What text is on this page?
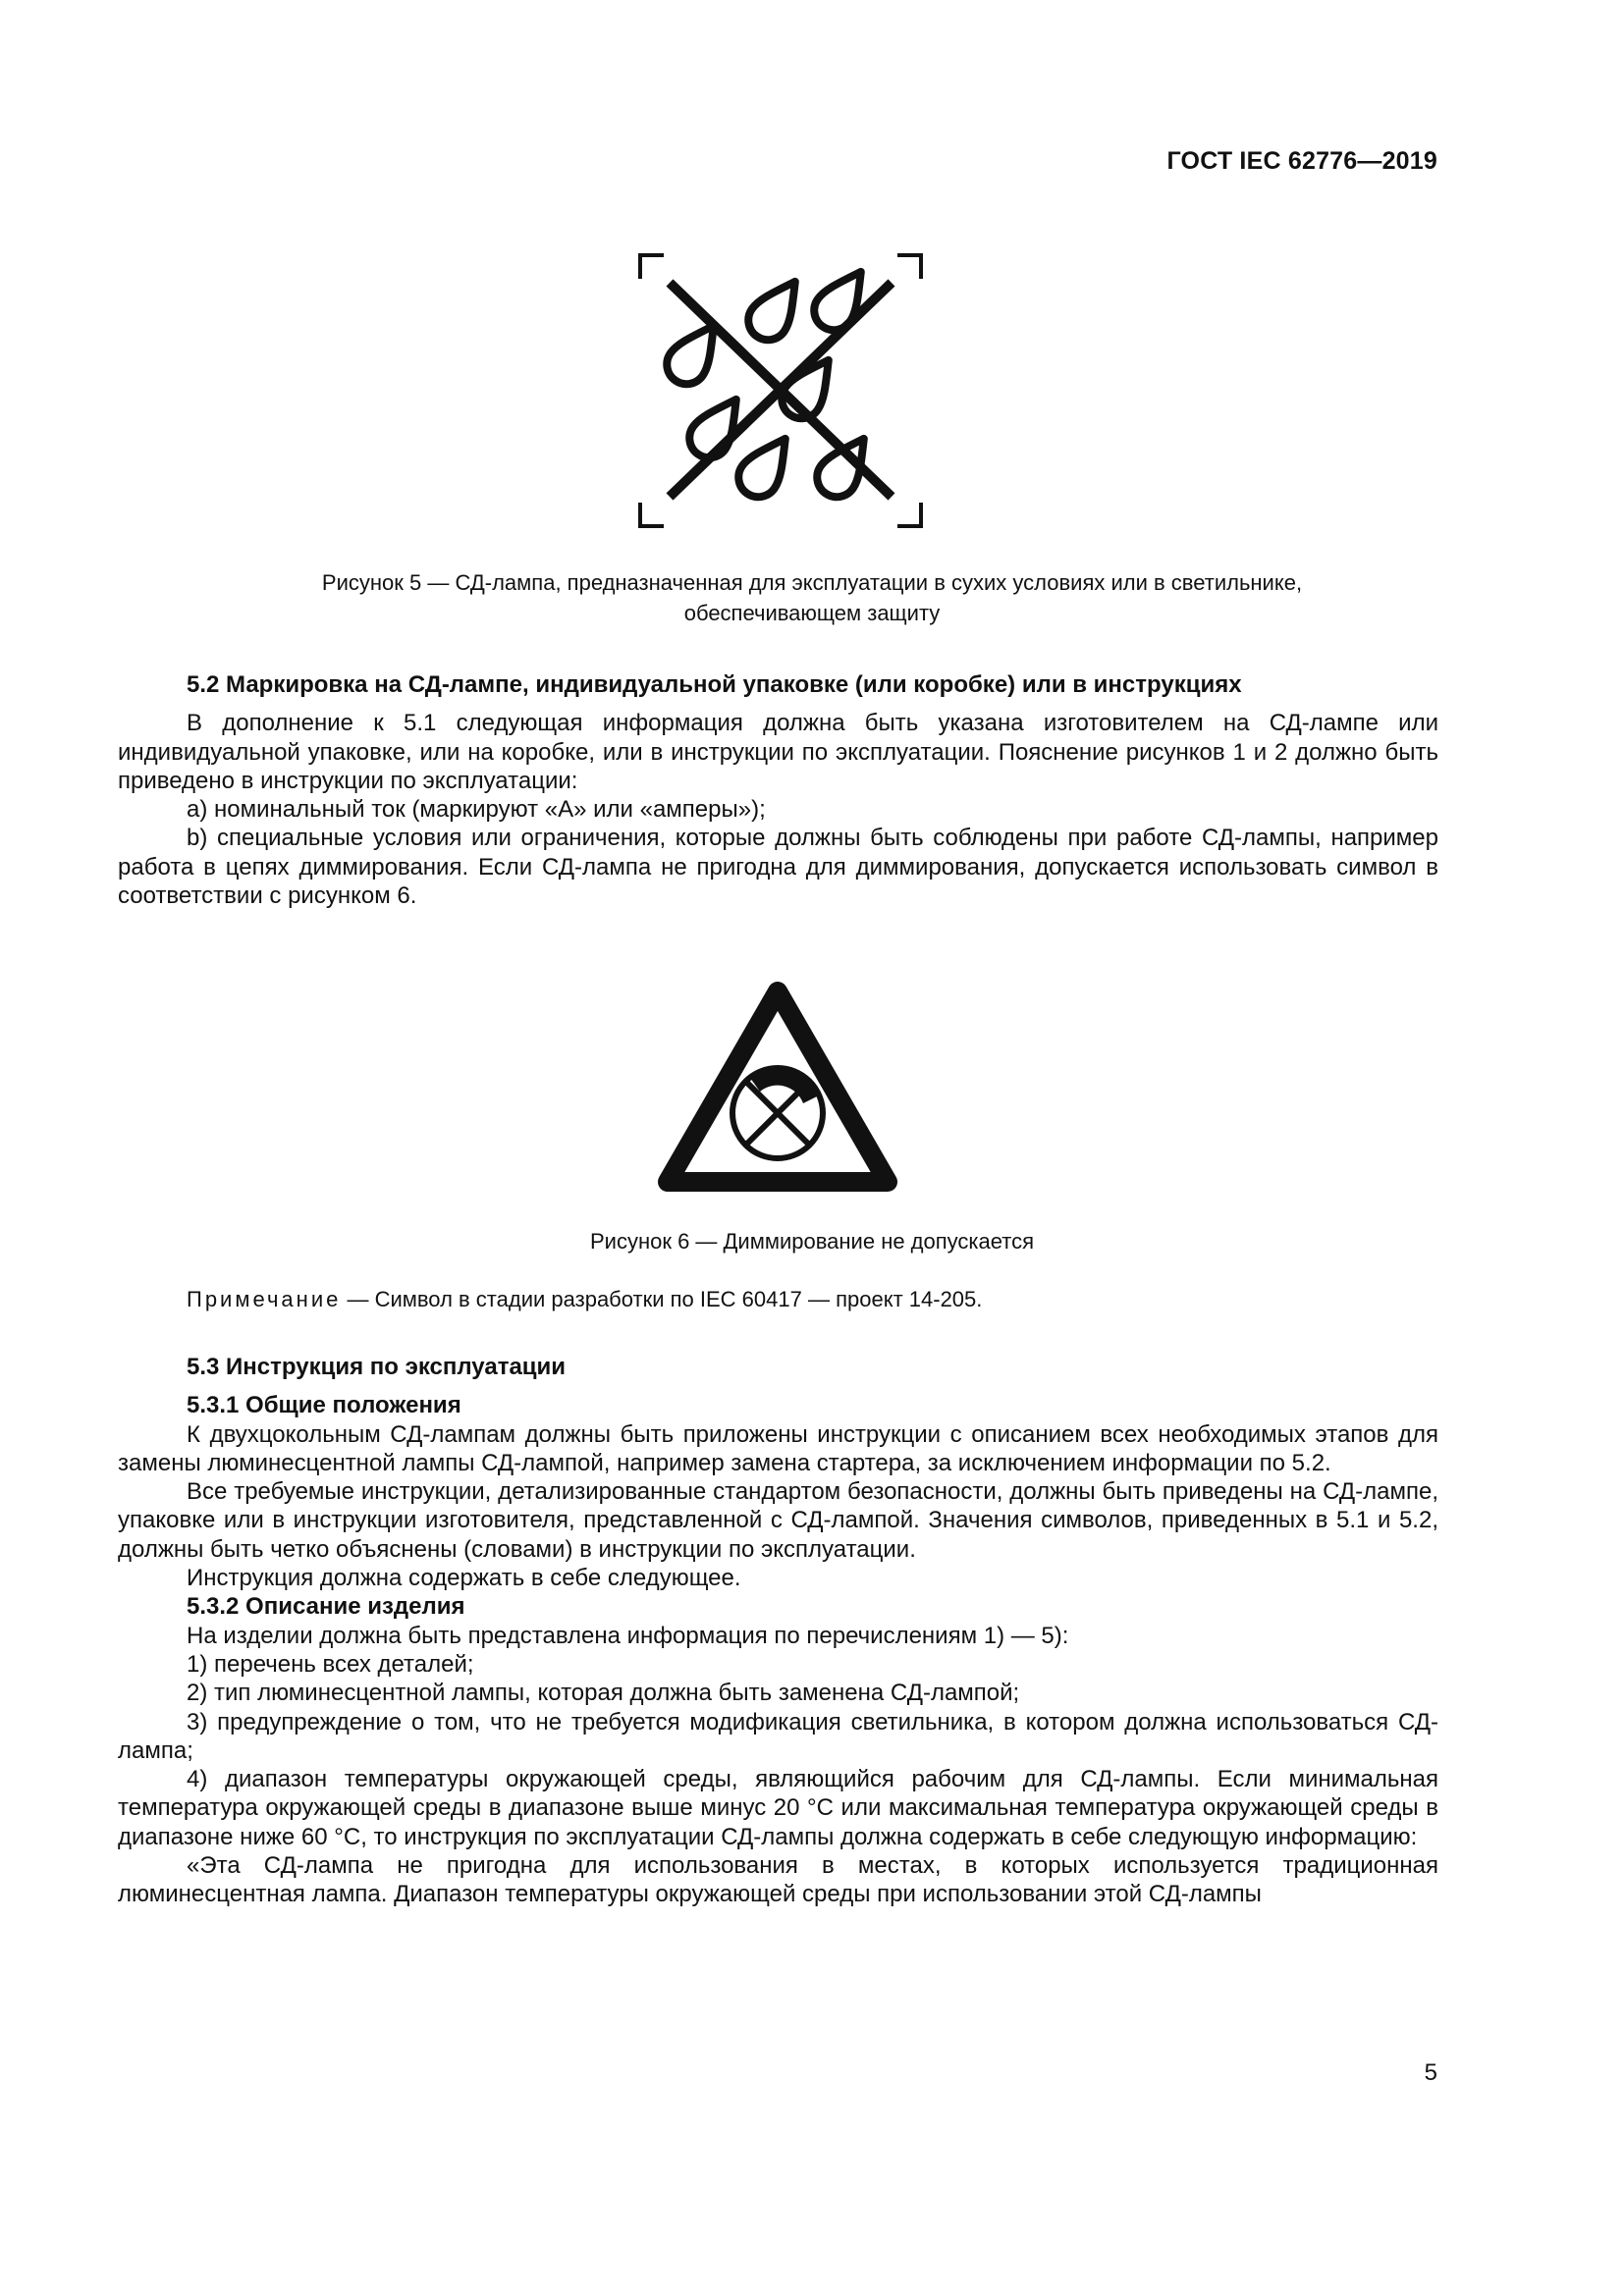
ГОСТ IEC 62776—2019
Рисунок 5 — СД-лампа, предназначенная для эксплуатации в сухих условиях или в светильнике,
обеспечивающем защиту

5.2 Маркировка на СД-лампе, индивидуальной упаковке (или коробке) или в инструкциях

В дополнение к 5.1 следующая информация должна быть указана изготовителем на СД-лампе или индивидуальной упаковке, или на коробке, или в инструкции по эксплуатации. Пояснение рисунков 1 и 2 должно быть приведено в инструкции по эксплуатации:

а) номинальный ток (маркируют «А» или «амперы»);

b) специальные условия или ограничения, которые должны быть соблюдены при работе СД-лампы, например работа в цепях диммирования. Если СД-лампа не пригодна для диммирования, допускается использовать символ в соответствии с рисунком 6.

Рисунок 6 — Диммирование не допускается

Примечание — Символ в стадии разработки по IEC 60417 — проект 14-205.

5.3 Инструкция по эксплуатации

5.3.1 Общие положения

К двухцокольным СД-лампам должны быть приложены инструкции с описанием всех необходимых этапов для замены люминесцентной лампы СД-лампой, например замена стартера, за исключением информации по 5.2.

Все требуемые инструкции, детализированные стандартом безопасности, должны быть приведены на СД-лампе, упаковке или в инструкции изготовителя, представленной с СД-лампой. Значения символов, приведенных в 5.1 и 5.2, должны быть четко объяснены (словами) в инструкции по эксплуатации.

Инструкция должна содержать в себе следующее.

5.3.2 Описание изделия

На изделии должна быть представлена информация по перечислениям 1) — 5):

1) перечень всех деталей;

2) тип люминесцентной лампы, которая должна быть заменена СД-лампой;

3) предупреждение о том, что не требуется модификация светильника, в котором должна использоваться СД-лампа;

4) диапазон температуры окружающей среды, являющийся рабочим для СД-лампы. Если минимальная температура окружающей среды в диапазоне выше минус 20 °С или максимальная температура окружающей среды в диапазоне ниже 60 °С, то инструкция по эксплуатации СД-лампы должна содержать в себе следующую информацию:

«Эта СД-лампа не пригодна для использования в местах, в которых используется традиционная люминесцентная лампа. Диапазон температуры окружающей среды при использовании этой СД-лампы

5
